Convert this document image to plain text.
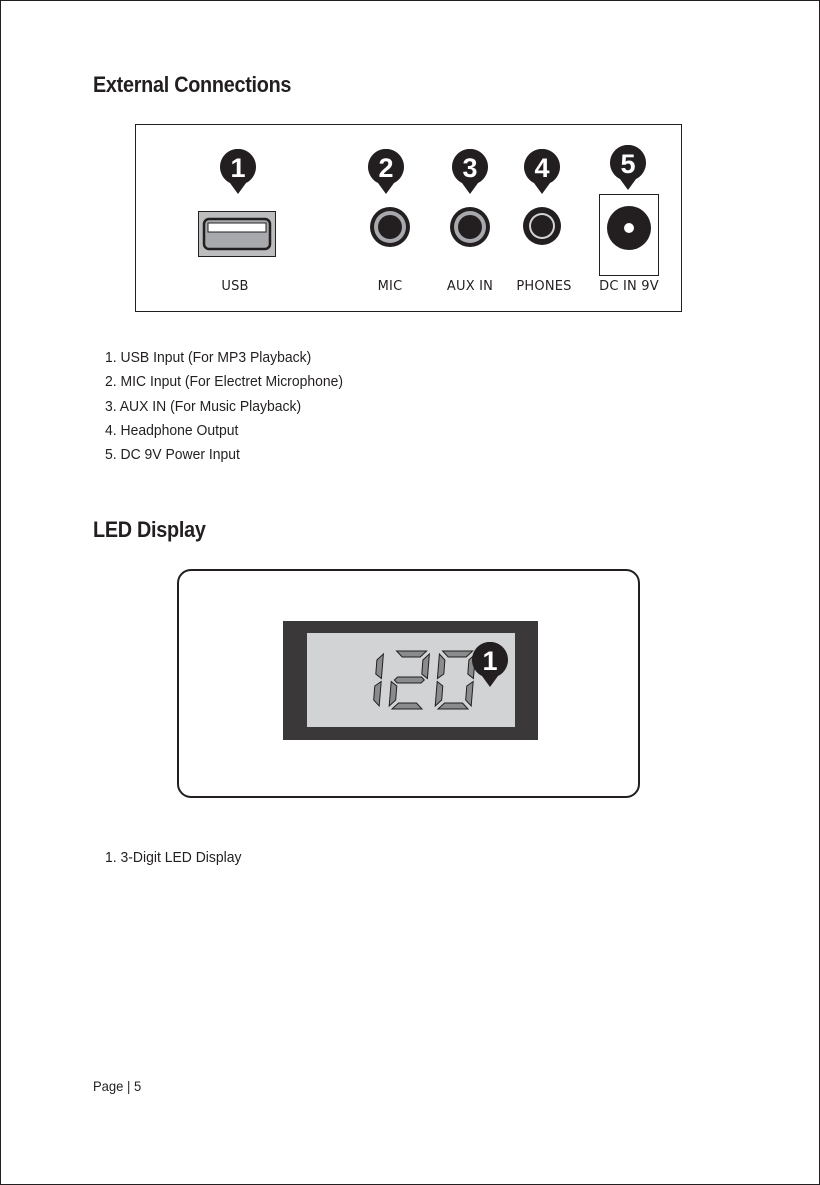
External Connections
1	2	3	4	5
USB	MIC	AUX IN PHONES DC IN 9V
1. USB Input (For MP3 Playback)
2. MIC Input (For Electret Microphone)
3. AUX IN (For Music Playback)
4. Headphone Output
5. DC 9V Power Input
LED Display
1
1. 3-Digit LED Display
Page | 5
